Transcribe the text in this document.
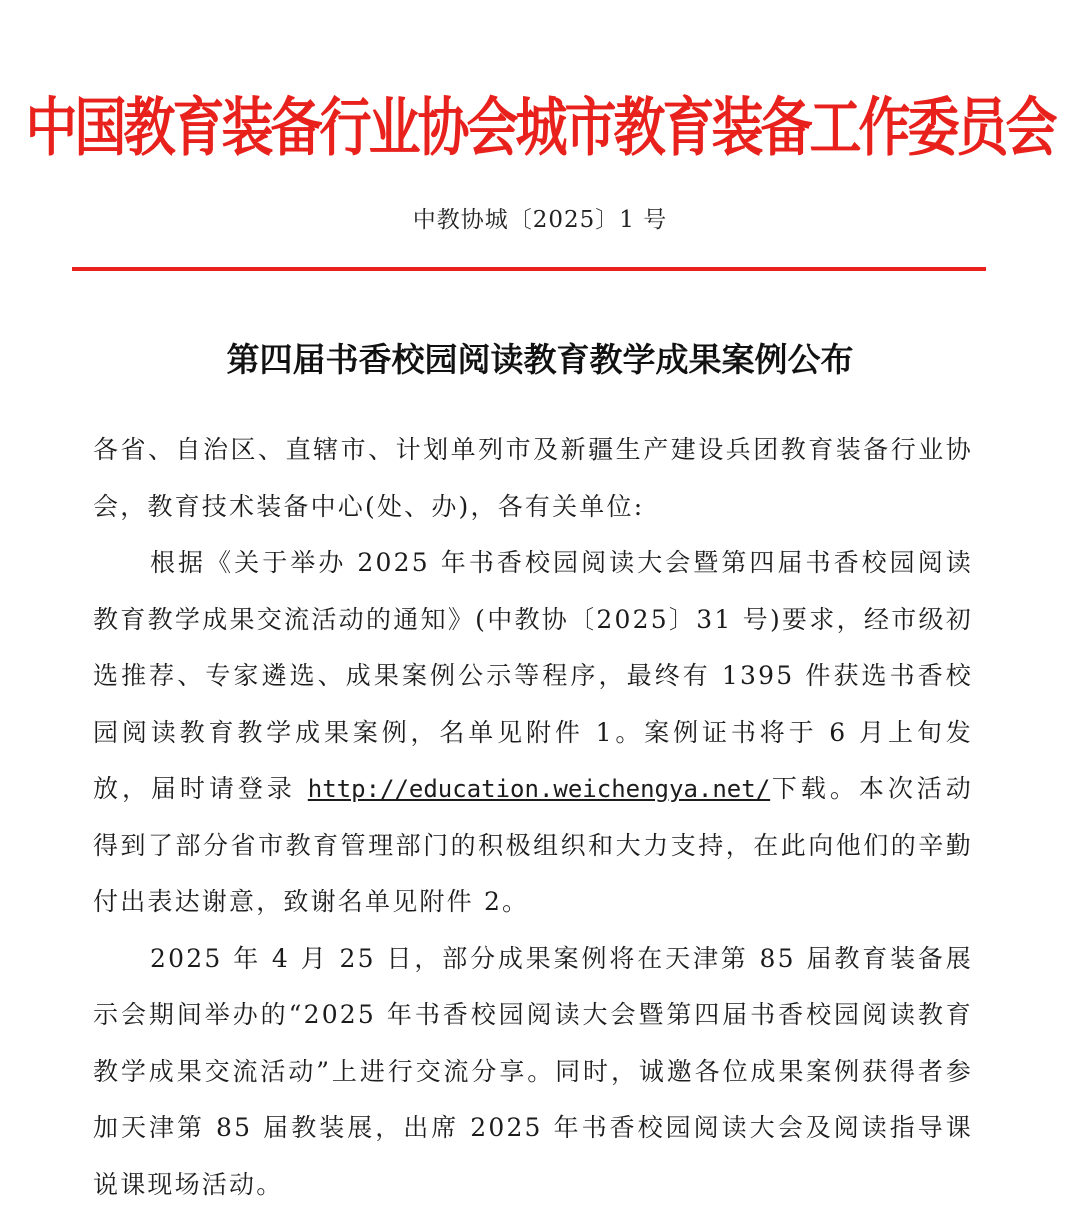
中国教育装备行业协会城市教育装备工作委员会
中教协城〔2025〕1 号
第四届书香校园阅读教育教学成果案例公布

各省、自治区、直辖市、计划单列市及新疆生产建设兵团教育装备行业协会，教育技术装备中心(处、办)，各有关单位:

根据《关于举办 2025 年书香校园阅读大会暨第四届书香校园阅读教育教学成果交流活动的通知》(中教协〔2025〕31 号)要求，经市级初选推荐、专家遴选、成果案例公示等程序，最终有 1395 件获选书香校园阅读教育教学成果案例，名单见附件 1。案例证书将于 6 月上旬发放，届时请登录 http://education.weichengya.net/下载。本次活动得到了部分省市教育管理部门的积极组织和大力支持，在此向他们的辛勤付出表达谢意，致谢名单见附件 2。

2025 年 4 月 25 日，部分成果案例将在天津第 85 届教育装备展示会期间举办的“2025 年书香校园阅读大会暨第四届书香校园阅读教育教学成果交流活动”上进行交流分享。同时，诚邀各位成果案例获得者参加天津第 85 届教装展，出席 2025 年书香校园阅读大会及阅读指导课说课现场活动。
